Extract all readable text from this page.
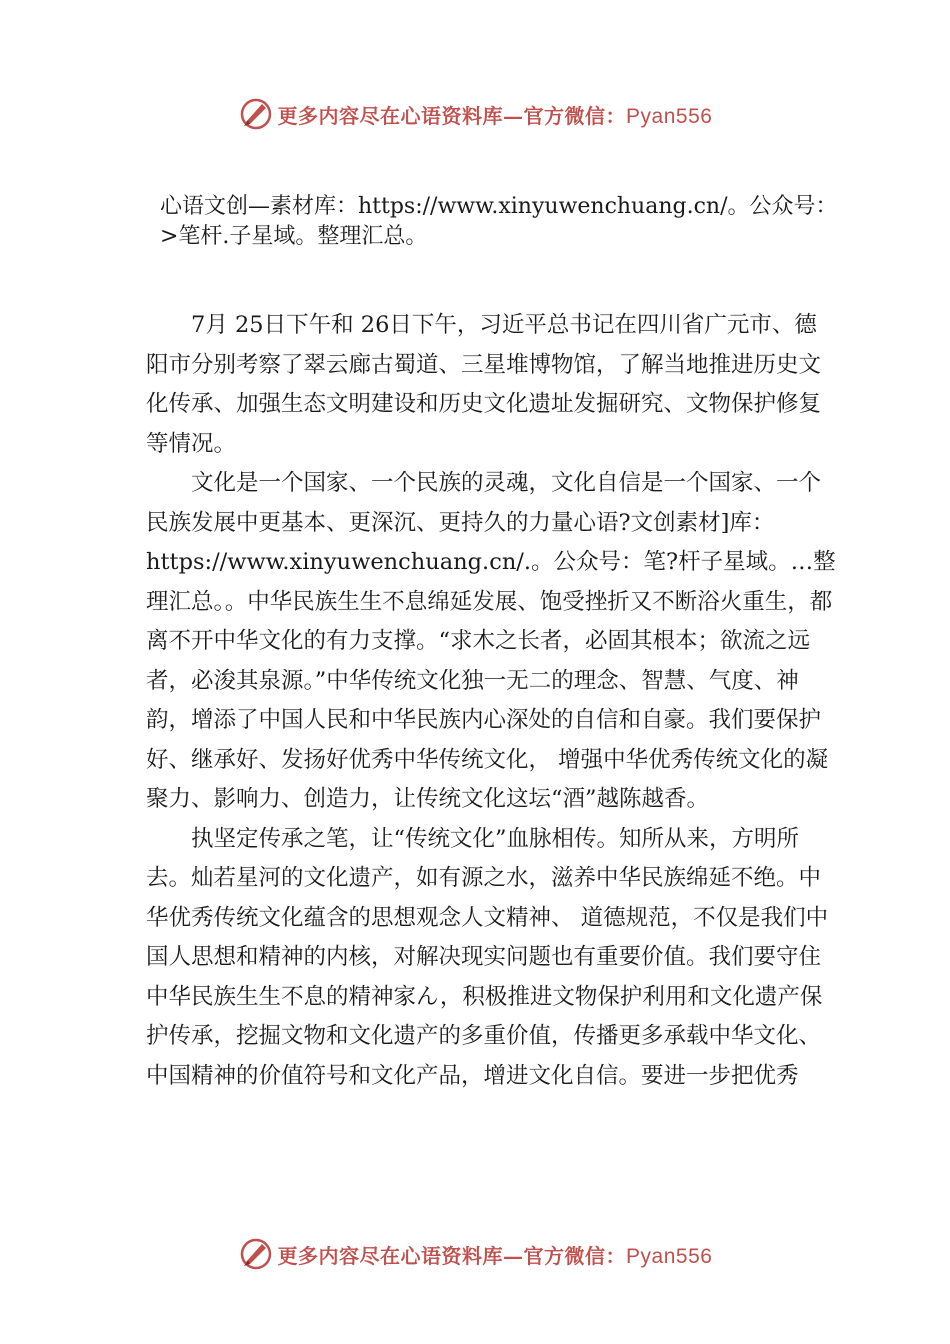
更多内容尽在心语资料库—官方微信：Pyan556

心语文创—素材库：https://www.xinyuwenchuang.cn/。公众号：>笔杆.子星域。整理汇总。

7月 25日下午和 26日下午，习近平总书记在四川省广元市、德阳市分别考察了翠云廊古蜀道、三星堆博物馆，了解当地推进历史文化传承、加强生态文明建设和历史文化遗址发掘研究、文物保护修复等情况。

文化是一个国家、一个民族的灵魂，文化自信是一个国家、一个民族发展中更基本、更深沉、更持久的力量心语?文创素材]库：https://www.xinyuwenchuang.cn/.。公众号：笔?杆子星域。…整理汇总。。中华民族生生不息绵延发展、饱受挫折又不断浴火重生，都离不开中华文化的有力支撑。“求木之长者，必固其根本；欲流之远者，必浚其泉源。”中华传统文化独一无二的理念、智慧、气度、神韵，增添了中国人民和中华民族内心深处的自信和自豪。我们要保护好、继承好、发扬好优秀中华传统文化， 增强中华优秀传统文化的凝聚力、影响力、创造力，让传统文化这坛“酒”越陈越香。

执坚定传承之笔，让“传统文化”血脉相传。知所从来，方明所去。灿若星河的文化遗产，如有源之水，滋养中华民族绵延不绝。中华优秀传统文化蕴含的思想观念人文精神、 道德规范，不仅是我们中国人思想和精神的内核，对解决现实问题也有重要价值。我们要守住中华民族生生不息的精神家ん，积极推进文物保护利用和文化遗产保护传承，挖掘文物和文化遗产的多重价值，传播更多承载中华文化、中国精神的价值符号和文化产品，增进文化自信。要进一步把优秀

更多内容尽在心语资料库—官方微信：Pyan556
